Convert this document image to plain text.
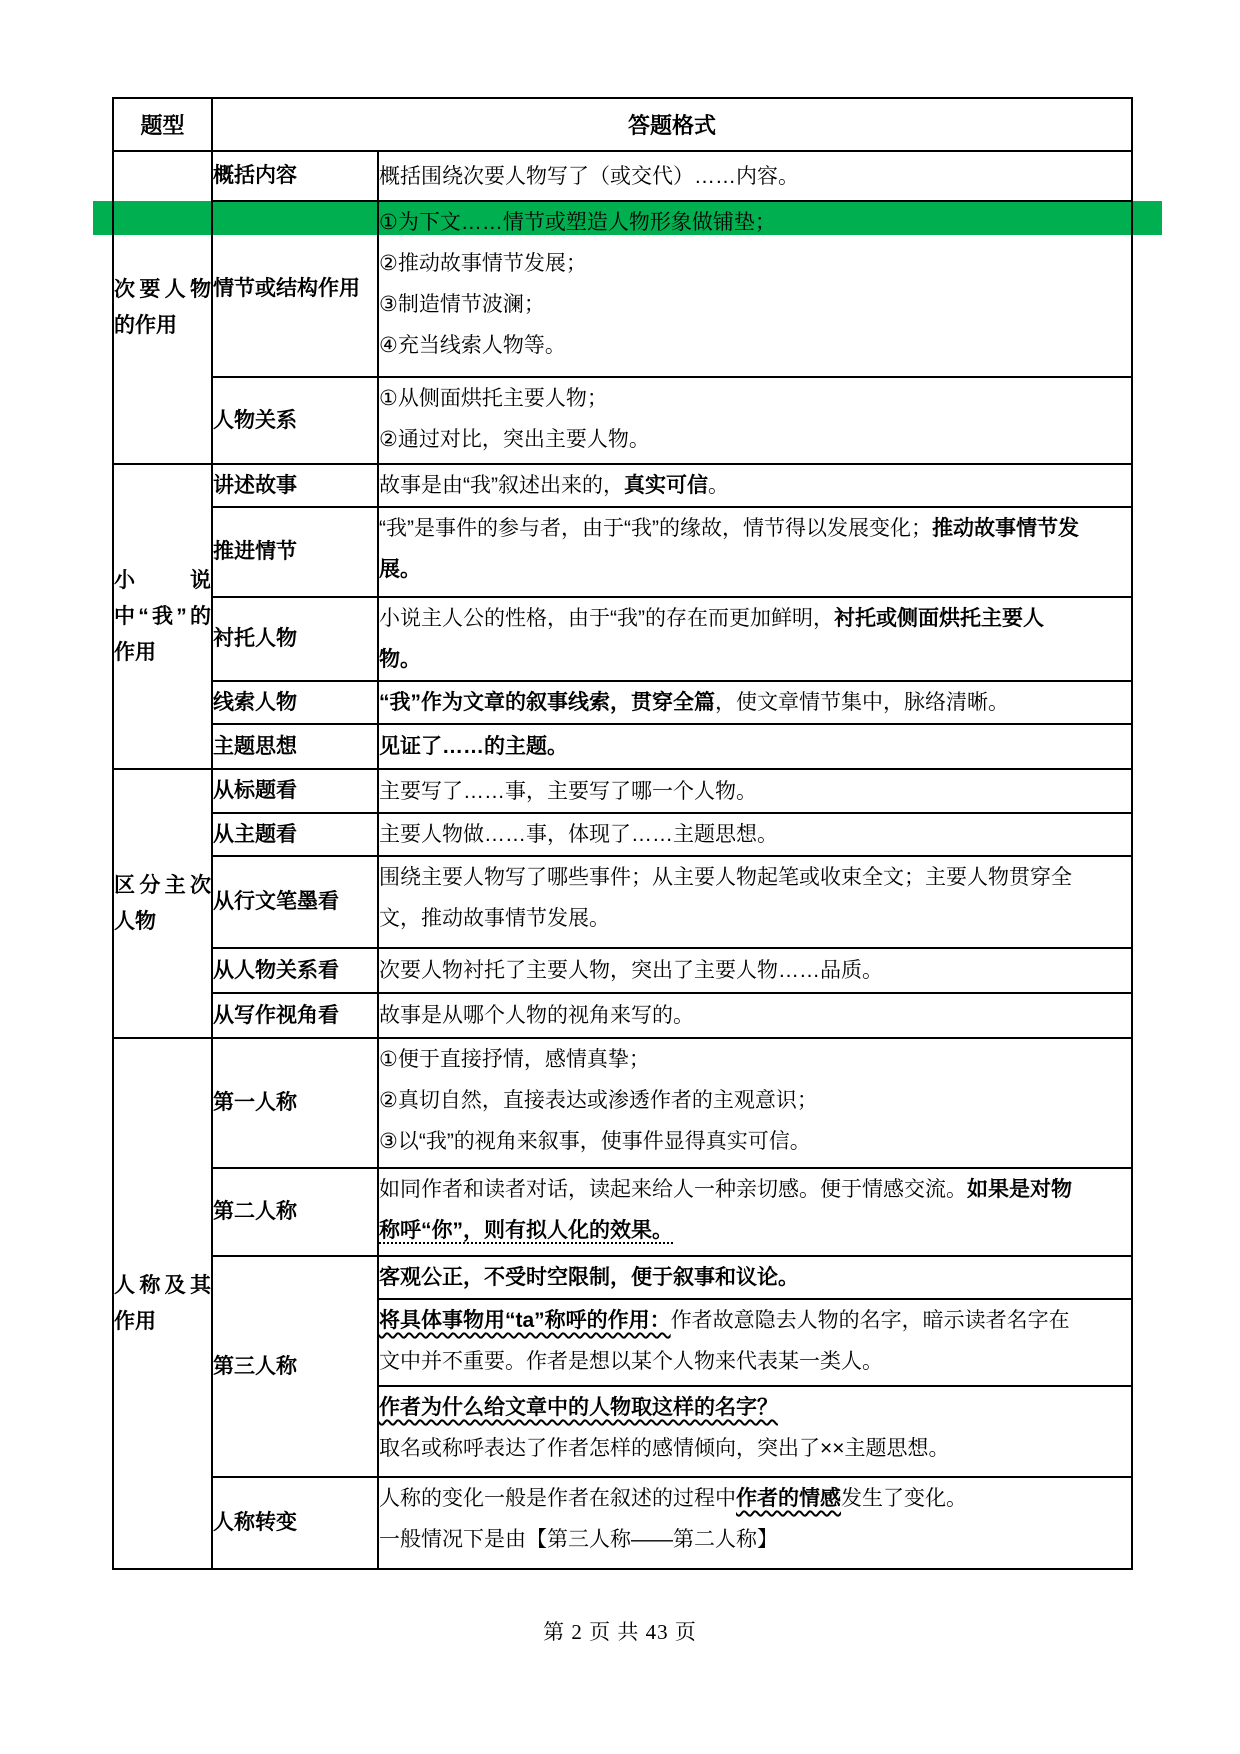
题型	答题格式	
次要人物的作用	概括内容	概括围绕次要人物写了（或交代）……内容。

	情节或结构作用	①为下文……情节或塑造人物形象做铺垫；
②推动故事情节发展；
③制造情节波澜；
④充当线索人物等。

	人物关系	①从侧面烘托主要人物；
②通过对比，突出主要人物。

小说中“我”的作用	讲述故事	故事是由“我”叙述出来的，真实可信。

	推进情节	“我”是事件的参与者，由于“我”的缘故，情节得以发展变化；推动故事情节发
展。

	衬托人物	小说主人公的性格，由于“我”的存在而更加鲜明，衬托或侧面烘托主要人
物。

	线索人物	“我”作为文章的叙事线索，贯穿全篇，使文章情节集中，脉络清晰。

	主题思想	见证了……的主题。

区分主次人物	从标题看	主要写了……事，主要写了哪一个人物。

	从主题看	主要人物做……事，体现了……主题思想。

	从行文笔墨看	围绕主要人物写了哪些事件；从主要人物起笔或收束全文；主要人物贯穿全
文，推动故事情节发展。

	从人物关系看	次要人物衬托了主要人物，突出了主要人物……品质。

	从写作视角看	故事是从哪个人物的视角来写的。

人称及其作用	第一人称	①便于直接抒情，感情真挚；
②真切自然，直接表达或渗透作者的主观意识；
③以“我”的视角来叙事，使事件显得真实可信。

	第二人称	如同作者和读者对话，读起来给人一种亲切感。便于情感交流。如果是对物
称呼“你”，则有拟人化的效果。

	第三人称	客观公正，不受时空限制，便于叙事和议论。

		将具体事物用“ta”称呼的作用：作者故意隐去人物的名字，暗示读者名字在
文中并不重要。作者是想以某个人物来代表某一类人。

		作者为什么给文章中的人物取这样的名字？
取名或称呼表达了作者怎样的感情倾向，突出了××主题思想。

	人称转变	人称的变化一般是作者在叙述的过程中作者的情感发生了变化。
一般情况下是由【第三人称——第二人称】
第 2 页 共 43 页
